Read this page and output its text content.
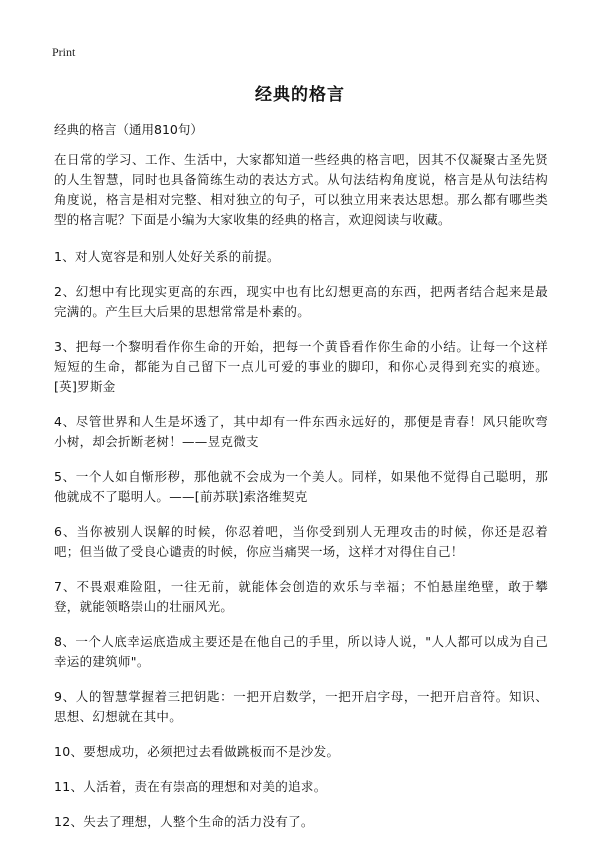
Print
经典的格言
经典的格言（通用810句）

在日常的学习、工作、生活中，大家都知道一些经典的格言吧，因其不仅凝聚古圣先贤的人生智慧，同时也具备简练生动的表达方式。从句法结构角度说，格言是从句法结构角度说，格言是相对完整、相对独立的句子，可以独立用来表达思想。那么都有哪些类型的格言呢？下面是小编为大家收集的经典的格言，欢迎阅读与收藏。

1、对人宽容是和别人处好关系的前提。

2、幻想中有比现实更高的东西，现实中也有比幻想更高的东西，把两者结合起来是最完满的。产生巨大后果的思想常常是朴素的。

3、把每一个黎明看作你生命的开始，把每一个黄昏看作你生命的小结。让每一个这样短短的生命，都能为自己留下一点儿可爱的事业的脚印，和你心灵得到充实的痕迹。[英]罗斯金

4、尽管世界和人生是坏透了，其中却有一件东西永远好的，那便是青春！风只能吹弯小树，却会折断老树！——昱克微支

5、一个人如自惭形秽，那他就不会成为一个美人。同样，如果他不觉得自己聪明，那他就成不了聪明人。——[前苏联]索洛维契克

6、当你被别人误解的时候，你忍着吧，当你受到别人无理攻击的时候，你还是忍着吧；但当做了受良心谴责的时候，你应当痛哭一场，这样才对得住自己！

7、不畏艰难险阻，一往无前，就能体会创造的欢乐与幸福；不怕悬崖绝壁，敢于攀登，就能领略崇山的壮丽风光。

8、一个人底幸运底造成主要还是在他自己的手里，所以诗人说，"人人都可以成为自己幸运的建筑师"。

9、人的智慧掌握着三把钥匙：一把开启数学，一把开启字母，一把开启音符。知识、思想、幻想就在其中。

10、要想成功，必须把过去看做跳板而不是沙发。

11、人活着，责在有崇高的理想和对美的追求。

12、失去了理想，人整个生命的活力没有了。
